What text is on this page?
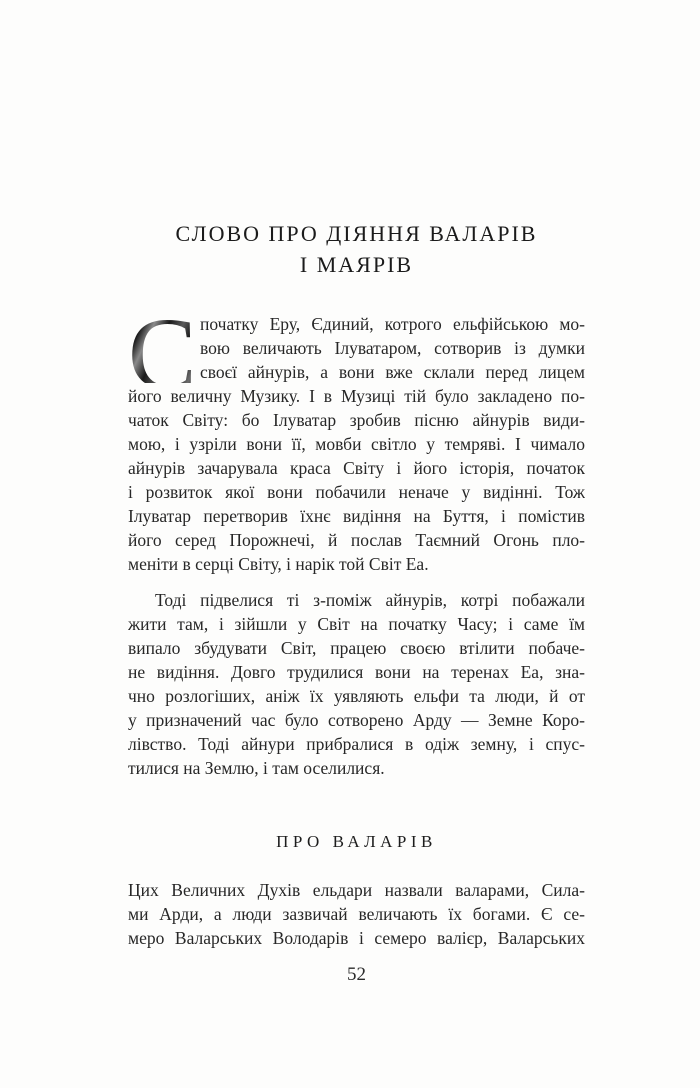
СЛОВО ПРО ДІЯННЯ ВАЛАРІВ
І МАЯРІВ
С початку Еру, Єдиний, котрого ельфійською мо-
вою величають Ілуватаром, сотворив із думки
своєї айнурів, а вони вже склали перед лицем
його величну Музику. І в Музиці тій було закладено по-
чаток Світу: бо Ілуватар зробив пісню айнурів види-
мою, і узріли вони її, мовби світло у темряві. І чимало
айнурів зачарувала краса Світу і його історія, початок
і розвиток якої вони побачили неначе у видінні. Тож
Ілуватар перетворив їхнє видіння на Буття, і помістив
його серед Порожнечі, й послав Таємний Огонь пло-
меніти в серці Світу, і нарік той Світ Еа.
Тоді підвелися ті з-поміж айнурів, котрі побажали
жити там, і зійшли у Світ на початку Часу; і саме їм
випало збудувати Світ, працею своєю втілити побаче-
не видіння. Довго трудилися вони на теренах Еа, зна-
чно розлогіших, аніж їх уявляють ельфи та люди, й от
у призначений час було сотворено Арду — Земне Коро-
лівство. Тоді айнури прибралися в одіж земну, і спус-
тилися на Землю, і там оселилися.
ПРО ВАЛАРІВ
Цих Величних Духів ельдари назвали валарами, Сила-
ми Арди, а люди зазвичай величають їх богами. Є се-
меро Валарських Володарів і семеро валієр, Валарських
52
